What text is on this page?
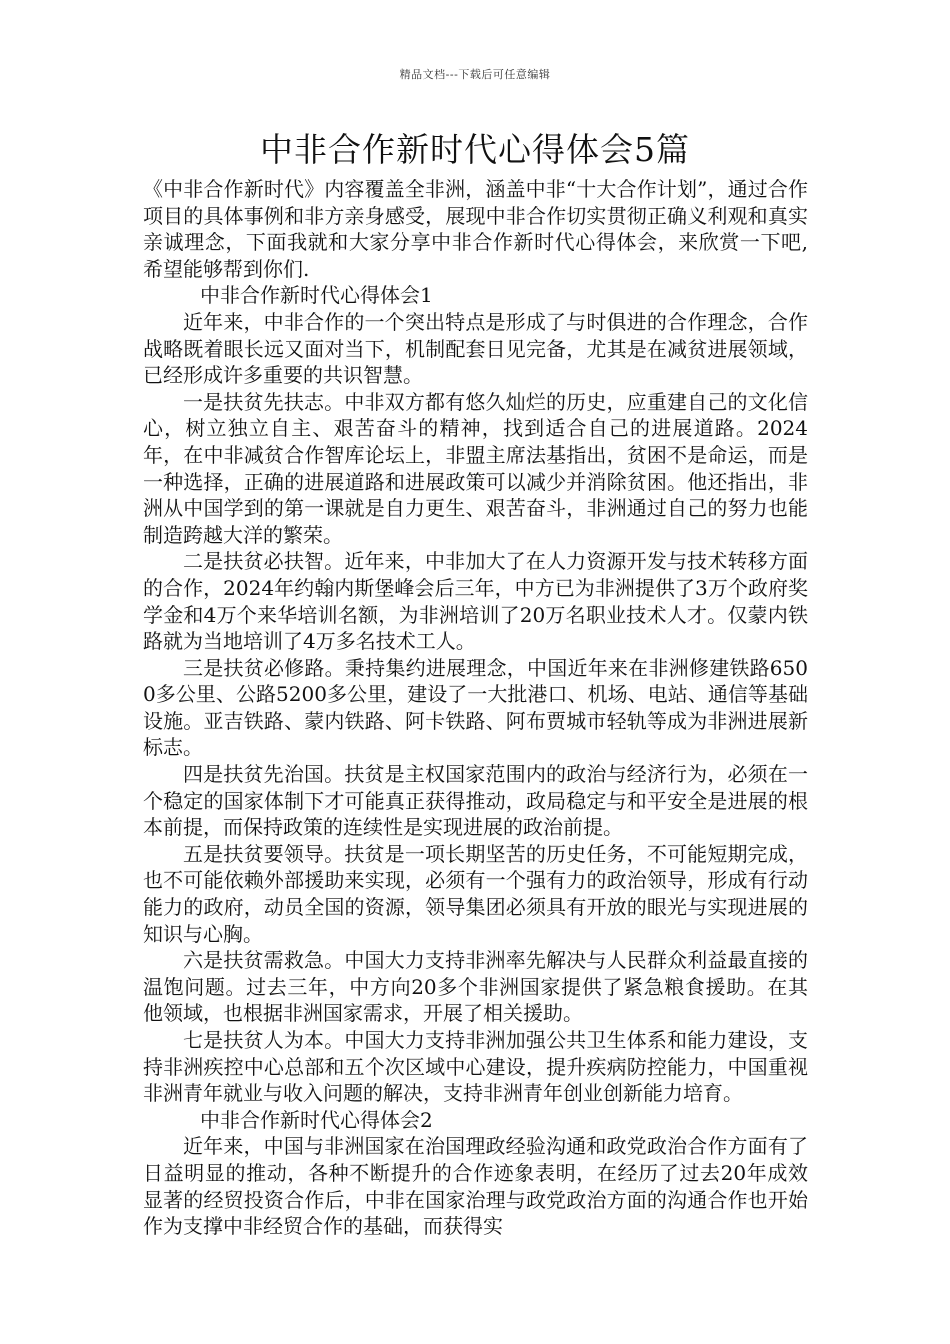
精品文档---下载后可任意编辑
中非合作新时代心得体会5篇

《中非合作新时代》内容覆盖全非洲，涵盖中非“十大合作计划”，通过合作项目的具体事例和非方亲身感受，展现中非合作切实贯彻正确义利观和真实亲诚理念，下面我就和大家分享中非合作新时代心得体会，来欣赏一下吧,希望能够帮到你们.

中非合作新时代心得体会1

近年来，中非合作的一个突出特点是形成了与时俱进的合作理念，合作战略既着眼长远又面对当下，机制配套日见完备，尤其是在减贫进展领域，已经形成许多重要的共识智慧。

一是扶贫先扶志。中非双方都有悠久灿烂的历史，应重建自己的文化信心，树立独立自主、艰苦奋斗的精神，找到适合自己的进展道路。2024年，在中非减贫合作智库论坛上，非盟主席法基指出，贫困不是命运，而是一种选择，正确的进展道路和进展政策可以减少并消除贫困。他还指出，非洲从中国学到的第一课就是自力更生、艰苦奋斗，非洲通过自己的努力也能制造跨越大洋的繁荣。

二是扶贫必扶智。近年来，中非加大了在人力资源开发与技术转移方面的合作，2024年约翰内斯堡峰会后三年，中方已为非洲提供了3万个政府奖学金和4万个来华培训名额，为非洲培训了20万名职业技术人才。仅蒙内铁路就为当地培训了4万多名技术工人。

三是扶贫必修路。秉持集约进展理念，中国近年来在非洲修建铁路6500多公里、公路5200多公里，建设了一大批港口、机场、电站、通信等基础设施。亚吉铁路、蒙内铁路、阿卡铁路、阿布贾城市轻轨等成为非洲进展新标志。

四是扶贫先治国。扶贫是主权国家范围内的政治与经济行为，必须在一个稳定的国家体制下才可能真正获得推动，政局稳定与和平安全是进展的根本前提，而保持政策的连续性是实现进展的政治前提。

五是扶贫要领导。扶贫是一项长期坚苦的历史任务，不可能短期完成，也不可能依赖外部援助来实现，必须有一个强有力的政治领导，形成有行动能力的政府，动员全国的资源，领导集团必须具有开放的眼光与实现进展的知识与心胸。

六是扶贫需救急。中国大力支持非洲率先解决与人民群众利益最直接的温饱问题。过去三年，中方向20多个非洲国家提供了紧急粮食援助。在其他领域，也根据非洲国家需求，开展了相关援助。

七是扶贫人为本。中国大力支持非洲加强公共卫生体系和能力建设，支持非洲疾控中心总部和五个次区域中心建设，提升疾病防控能力，中国重视非洲青年就业与收入问题的解决，支持非洲青年创业创新能力培育。

中非合作新时代心得体会2

近年来，中国与非洲国家在治国理政经验沟通和政党政治合作方面有了日益明显的推动，各种不断提升的合作迹象表明，在经历了过去20年成效显著的经贸投资合作后，中非在国家治理与政党政治方面的沟通合作也开始作为支撑中非经贸合作的基础，而获得实
